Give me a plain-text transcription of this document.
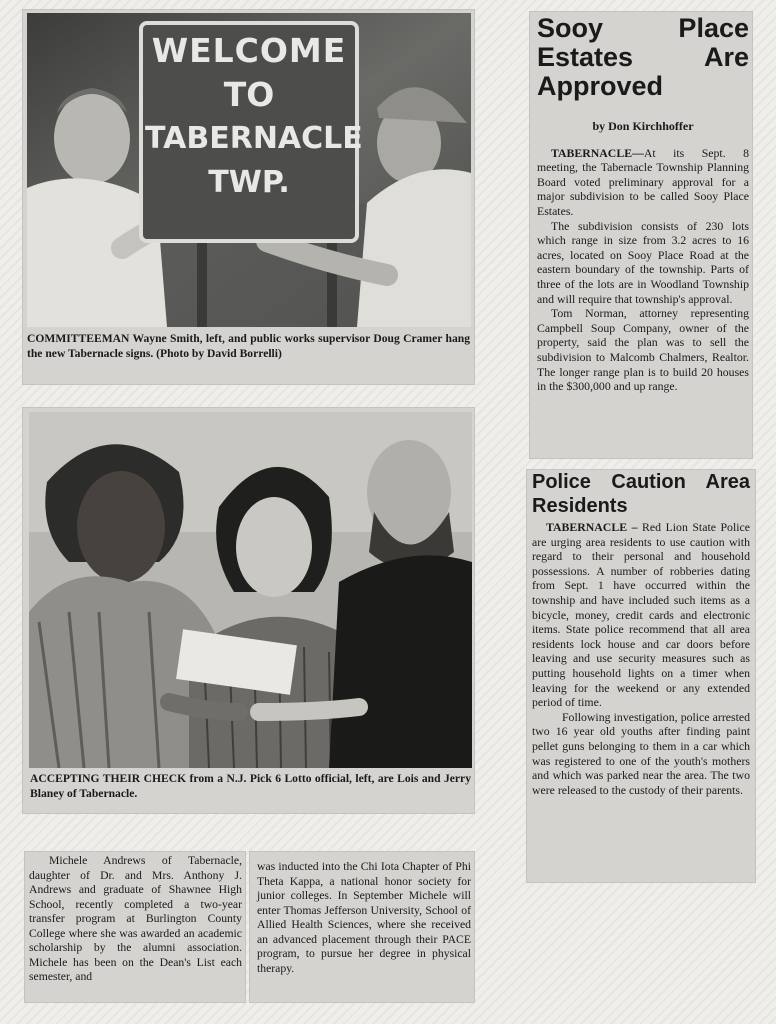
WELCOME
TO
TABERNACLE
TWP.
COMMITTEEMAN Wayne Smith, left, and public works supervisor Doug Cramer hang the new Tabernacle signs. (Photo by David Borrelli)
ACCEPTING THEIR CHECK from a N.J. Pick 6 Lotto official, left, are Lois and Jerry Blaney of Tabernacle.
Sooy Place Estates Are Approved
by Don Kirchhoffer

TABERNACLE—At its Sept. 8 meeting, the Tabernacle Township Planning Board voted preliminary approval for a major subdivision to be called Sooy Place Estates.

The subdivision consists of 230 lots which range in size from 3.2 acres to 16 acres, located on Sooy Place Road at the eastern boundary of the township. Parts of three of the lots are in Woodland Township and will require that township's approval.

Tom Norman, attorney representing Campbell Soup Company, owner of the property, said the plan was to sell the subdivision to Malcomb Chalmers, Realtor. The longer range plan is to build 20 houses in the $300,000 and up range.

Police Caution Area Residents

TABERNACLE – Red Lion State Police are urging area residents to use caution with regard to their personal and household possessions. A number of robberies dating from Sept. 1 have occurred within the township and have included such items as a bicycle, money, credit cards and electronic items. State police recommend that all area residents lock house and car doors before leaving and use security measures such as putting household lights on a timer when leaving for the weekend or any extended period of time.

Following investigation, police arrested two 16 year old youths after finding paint pellet guns belonging to them in a car which was registered to one of the youth's mothers and which was parked near the area. The two were released to the custody of their parents.

Michele Andrews of Tabernacle, daughter of Dr. and Mrs. Anthony J. Andrews and graduate of Shawnee High School, recently completed a two-year transfer program at Burlington County College where she was awarded an academic scholarship by the alumni association. Michele has been on the Dean's List each semester, and

was inducted into the Chi Iota Chapter of Phi Theta Kappa, a national honor society for junior colleges. In September Michele will enter Thomas Jefferson University, School of Allied Health Sciences, where she received an advanced placement through their PACE program, to pursue her degree in physical therapy.
